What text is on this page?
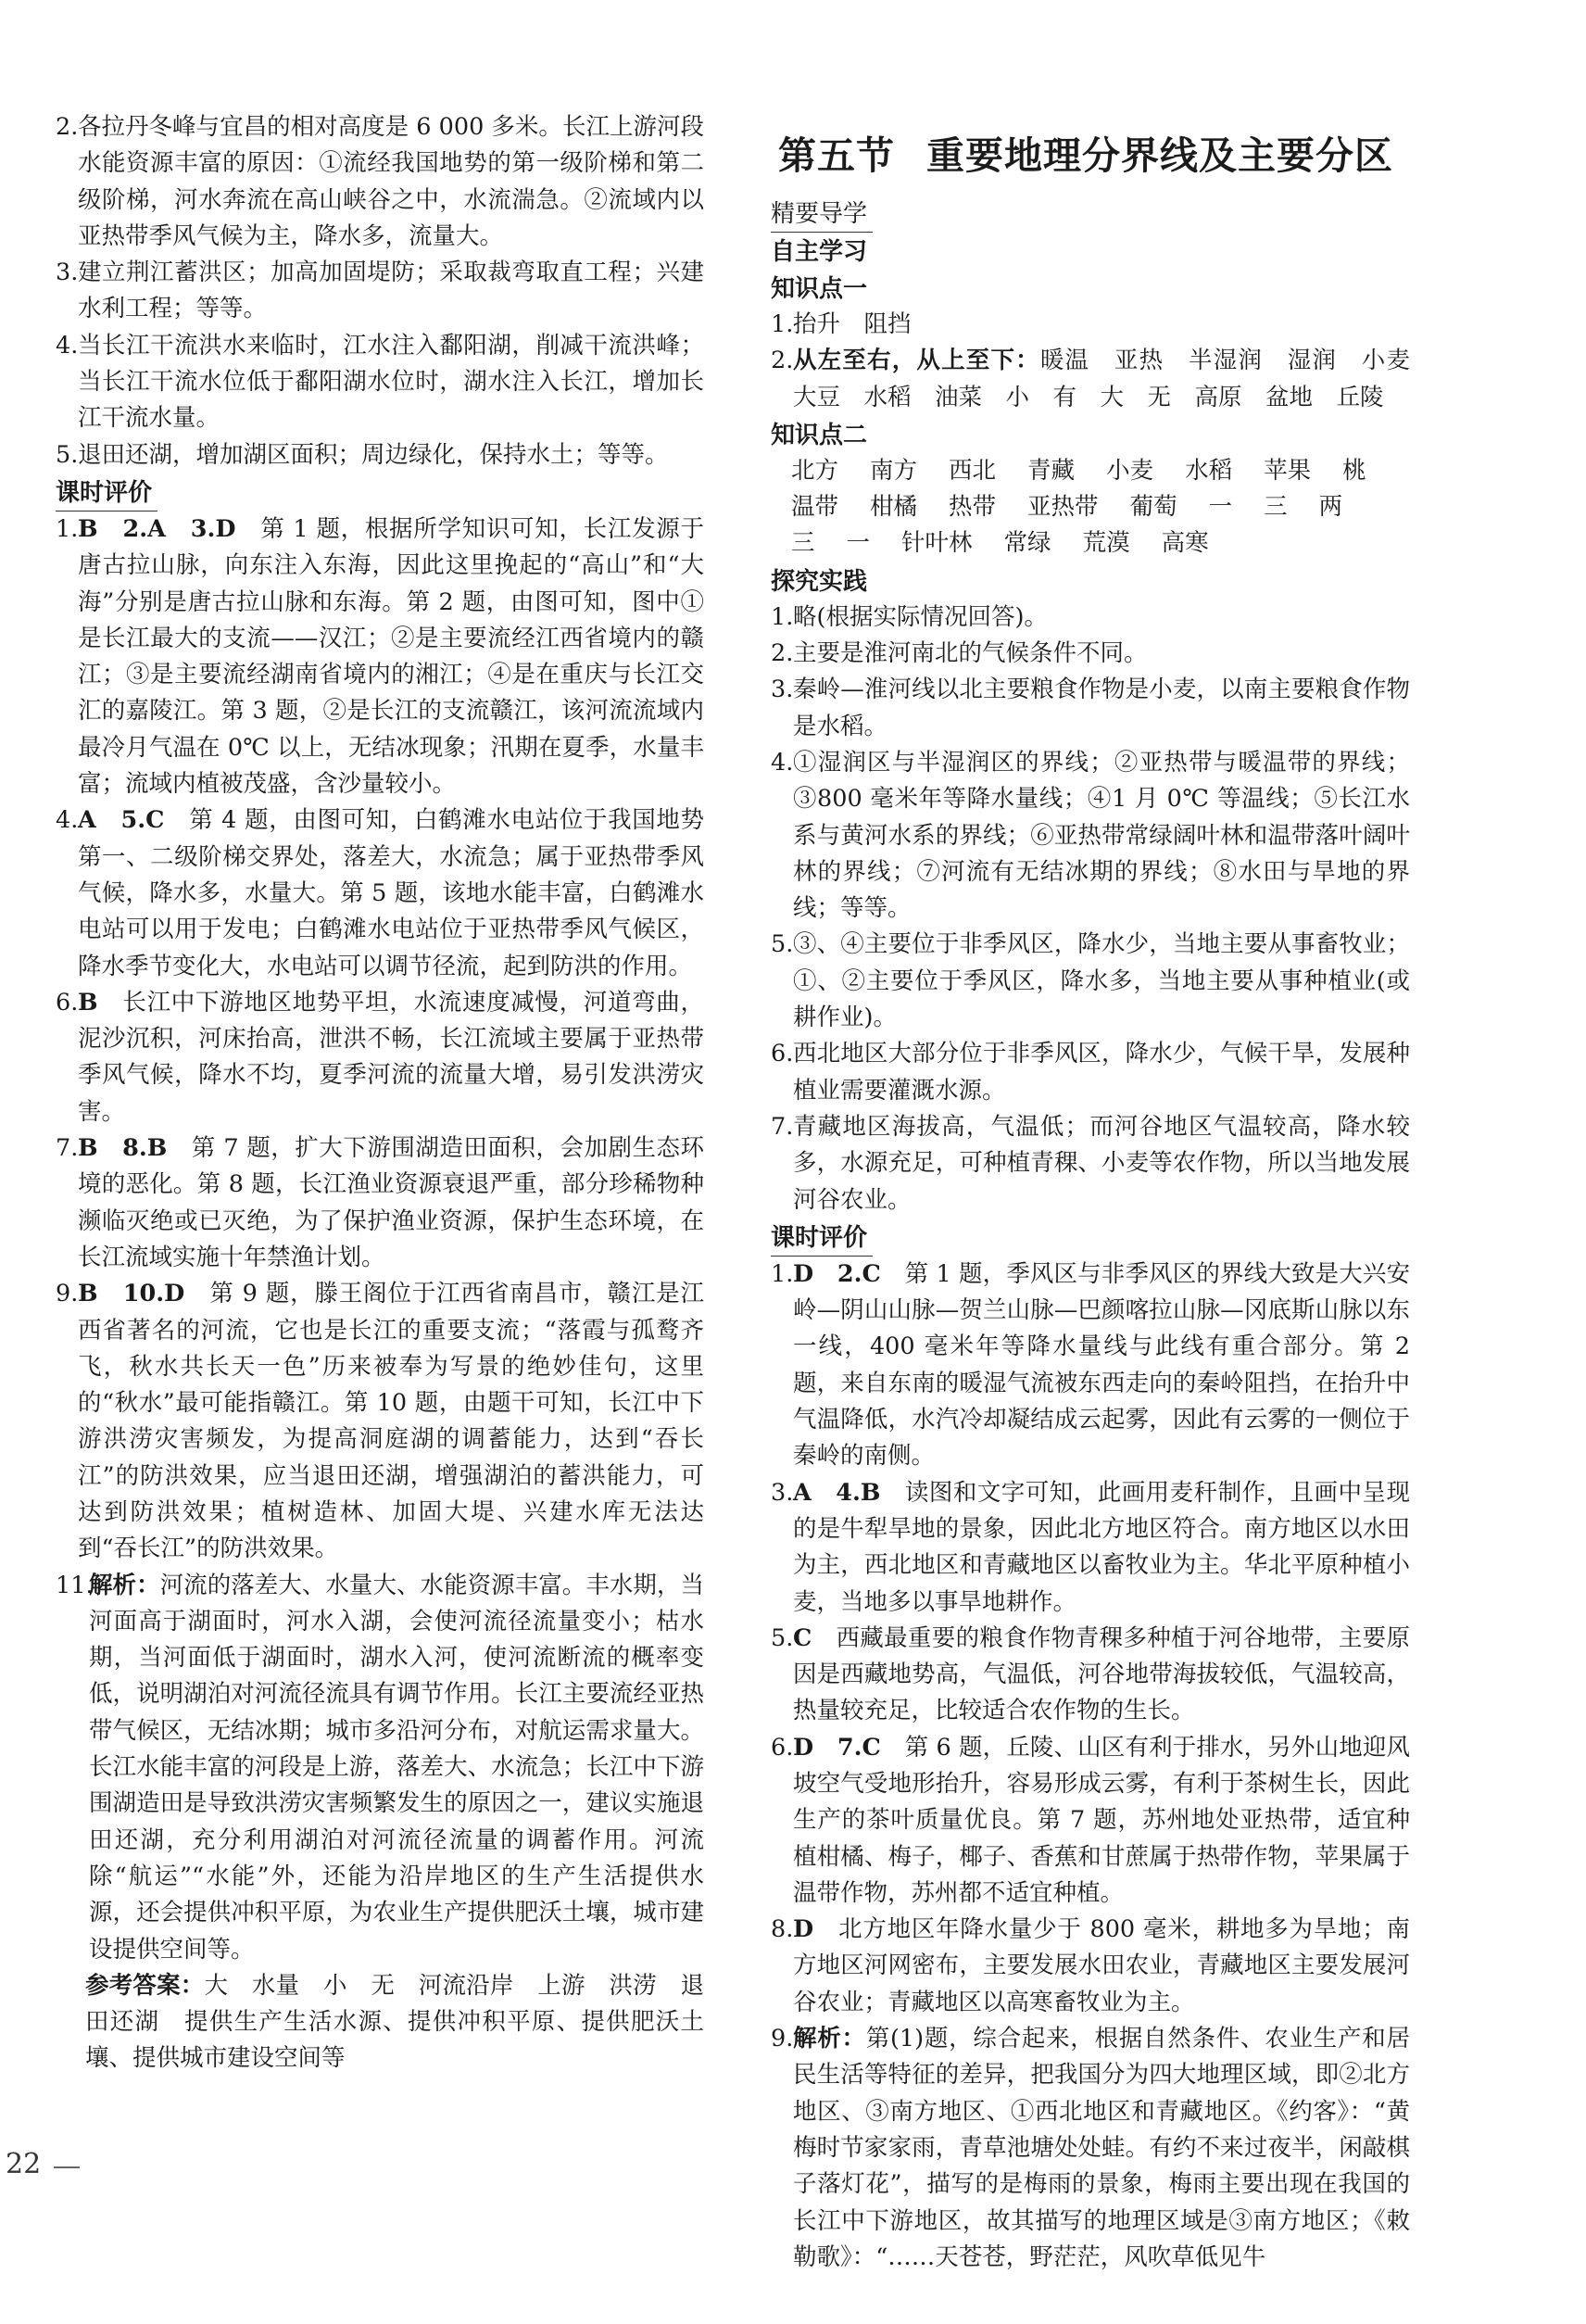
2. 各拉丹冬峰与宜昌的相对高度是 6 000 多米。长江上游河段水能资源丰富的原因：①流经我国地势的第一级阶梯和第二级阶梯，河水奔流在高山峡谷之中，水流湍急。②流域内以亚热带季风气候为主，降水多，流量大。
3. 建立荆江蓄洪区；加高加固堤防；采取裁弯取直工程；兴建水利工程；等等。
4. 当长江干流洪水来临时，江水注入鄱阳湖，削减干流洪峰；当长江干流水位低于鄱阳湖水位时，湖水注入长江，增加长江干流水量。
5. 退田还湖，增加湖区面积；周边绿化，保持水土；等等。
课时评价
1. B　2.A　3.D　 第 1 题，根据所学知识可知，长江发源于唐古拉山脉，向东注入东海，因此这里挽起的“高山”和“大海”分别是唐古拉山脉和东海。第 2 题，由图可知，图中①是长江最大的支流——汉江；②是主要流经江西省境内的赣江；③是主要流经湖南省境内的湘江；④是在重庆与长江交汇的嘉陵江。第 3 题，②是长江的支流赣江，该河流流域内最冷月气温在 0℃ 以上，无结冰现象；汛期在夏季，水量丰富；流域内植被茂盛，含沙量较小。
4. A　5.C　 第 4 题，由图可知，白鹤滩水电站位于我国地势第一、二级阶梯交界处，落差大，水流急；属于亚热带季风气候，降水多，水量大。第 5 题，该地水能丰富，白鹤滩水电站可以用于发电；白鹤滩水电站位于亚热带季风气候区，降水季节变化大，水电站可以调节径流，起到防洪的作用。
6. B　 长江中下游地区地势平坦，水流速度减慢，河道弯曲，泥沙沉积，河床抬高，泄洪不畅，长江流域主要属于亚热带季风气候，降水不均，夏季河流的流量大增，易引发洪涝灾害。
7. B　8.B　 第 7 题，扩大下游围湖造田面积，会加剧生态环境的恶化。第 8 题，长江渔业资源衰退严重，部分珍稀物种濒临灭绝或已灭绝，为了保护渔业资源，保护生态环境，在长江流域实施十年禁渔计划。
9. B　10.D　 第 9 题，滕王阁位于江西省南昌市，赣江是江西省著名的河流，它也是长江的重要支流；“落霞与孤鹜齐飞，秋水共长天一色”历来被奉为写景的绝妙佳句，这里的“秋水”最可能指赣江。第 10 题，由题干可知，长江中下游洪涝灾害频发，为提高洞庭湖的调蓄能力，达到“吞长江”的防洪效果，应当退田还湖，增强湖泊的蓄洪能力，可达到防洪效果；植树造林、加固大堤、兴建水库无法达到“吞长江”的防洪效果。
11.
解析：河流的落差大、水量大、水能资源丰富。丰水期，当河面高于湖面时，河水入湖，会使河流径流量变小；枯水期，当河面低于湖面时，湖水入河，使河流断流的概率变低，说明湖泊对河流径流具有调节作用。长江主要流经亚热带气候区，无结冰期；城市多沿河分布，对航运需求量大。长江水能丰富的河段是上游，落差大、水流急；长江中下游围湖造田是导致洪涝灾害频繁发生的原因之一，建议实施退田还湖，充分利用湖泊对河流径流量的调蓄作用。河流除“航运”“水能”外，还能为沿岸地区的生产生活提供水源，还会提供冲积平原，为农业生产提供肥沃土壤，城市建设提供空间等。
参考答案：大　水量　小　无　河流沿岸　上游　洪涝　退田还湖　提供生产生活水源、提供冲积平原、提供肥沃土壤、提供城市建设空间等
第五节 重要地理分界线及主要分区
精要导学
自主学习
知识点一
1. 抬升　阻挡
2. 从左至右，从上至下：暖温　亚热　半湿润　湿润　小麦　大豆　水稻　油菜　小　有　大　无　高原　盆地　丘陵
知识点二
北方 南方 西北 青藏 小麦 水稻 苹果 桃
温带 柑橘 热带 亚热带 葡萄 一 三 两
三 一 针叶林 常绿 荒漠 高寒
探究实践
1. 略(根据实际情况回答)。
2. 主要是淮河南北的气候条件不同。
3. 秦岭—淮河线以北主要粮食作物是小麦，以南主要粮食作物是水稻。
4. ①湿润区与半湿润区的界线；②亚热带与暖温带的界线；③800 毫米年等降水量线；④1 月 0℃ 等温线；⑤长江水系与黄河水系的界线；⑥亚热带常绿阔叶林和温带落叶阔叶林的界线；⑦河流有无结冰期的界线；⑧水田与旱地的界线；等等。
5. ③、④主要位于非季风区，降水少，当地主要从事畜牧业；①、②主要位于季风区，降水多，当地主要从事种植业(或耕作业)。
6. 西北地区大部分位于非季风区，降水少，气候干旱，发展种植业需要灌溉水源。
7. 青藏地区海拔高，气温低；而河谷地区气温较高，降水较多，水源充足，可种植青稞、小麦等农作物，所以当地发展河谷农业。
课时评价
1. D　2.C　 第 1 题，季风区与非季风区的界线大致是大兴安岭—阴山山脉—贺兰山脉—巴颜喀拉山脉—冈底斯山脉以东一线，400 毫米年等降水量线与此线有重合部分。第 2 题，来自东南的暖湿气流被东西走向的秦岭阻挡，在抬升中气温降低，水汽冷却凝结成云起雾，因此有云雾的一侧位于秦岭的南侧。
3. A　4.B　 读图和文字可知，此画用麦秆制作，且画中呈现的是牛犁旱地的景象，因此北方地区符合。南方地区以水田为主，西北地区和青藏地区以畜牧业为主。华北平原种植小麦，当地多以事旱地耕作。
5. C　 西藏最重要的粮食作物青稞多种植于河谷地带，主要原因是西藏地势高，气温低，河谷地带海拔较低，气温较高，热量较充足，比较适合农作物的生长。
6. D　7.C　 第 6 题，丘陵、山区有利于排水，另外山地迎风坡空气受地形抬升，容易形成云雾，有利于茶树生长，因此生产的茶叶质量优良。第 7 题，苏州地处亚热带，适宜种植柑橘、梅子，椰子、香蕉和甘蔗属于热带作物，苹果属于温带作物，苏州都不适宜种植。
8. D　 北方地区年降水量少于 800 毫米，耕地多为旱地；南方地区河网密布，主要发展水田农业，青藏地区主要发展河谷农业；青藏地区以高寒畜牧业为主。
9. 解析：第(1)题，综合起来，根据自然条件、农业生产和居民生活等特征的差异，把我国分为四大地理区域，即②北方地区、③南方地区、①西北地区和青藏地区。《约客》：“黄梅时节家家雨，青草池塘处处蛙。有约不来过夜半，闲敲棋子落灯花”，描写的是梅雨的景象，梅雨主要出现在我国的长江中下游地区，故其描写的地理区域是③南方地区；《敕勒歌》：“……天苍苍，野茫茫，风吹草低见牛
22
